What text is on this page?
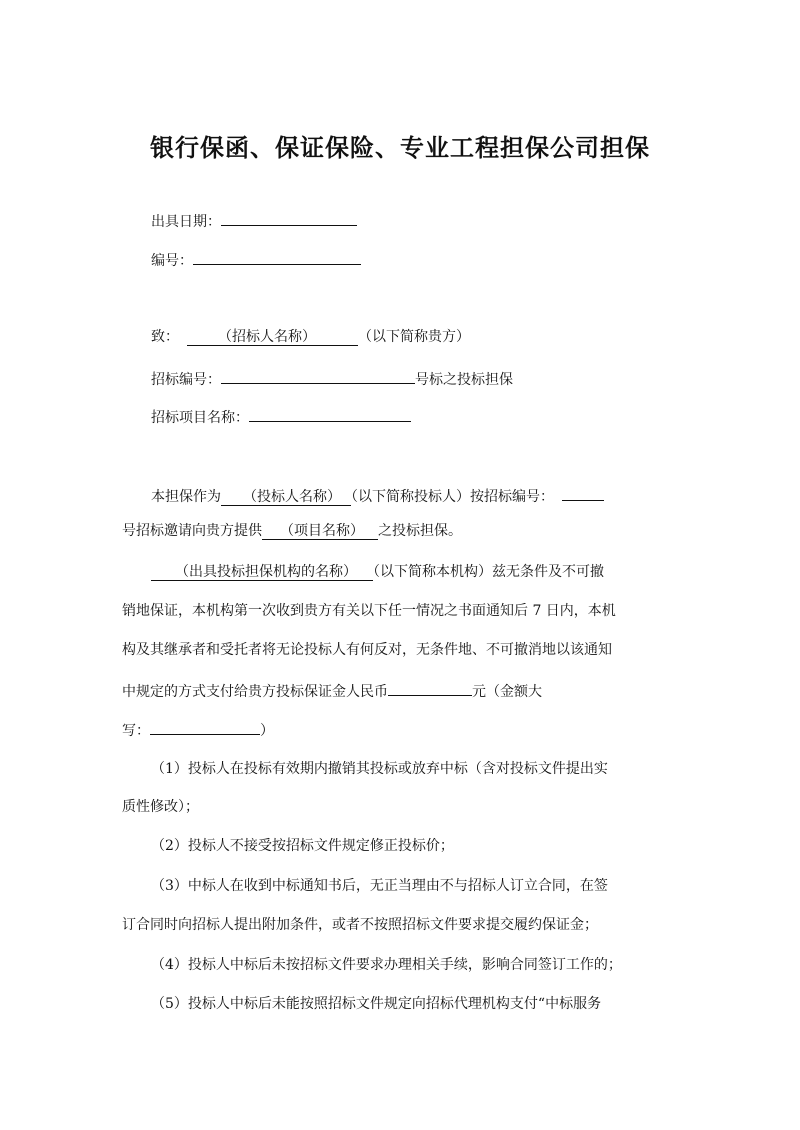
银行保函、保证保险、专业工程担保公司担保
出具日期：
编号：
致：	（招标人名称）	（以下简称贵方）
招标编号：	号标之投标担保
招标项目名称：
本担保作为 （投标人名称） （以下简称投标人）按招标编号：
号招标邀请向贵方提供 （项目名称） 之投标担保。
（出具投标担保机构的名称） （以下简称本机构）兹无条件及不可撤
销地保证，本机构第一次收到贵方有关以下任一情况之书面通知后 7 日内，本机
构及其继承者和受托者将无论投标人有何反对，无条件地、不可撤消地以该通知
中规定的方式支付给贵方投标保证金人民币	元（金额大
写：	）
（1）投标人在投标有效期内撤销其投标或放弃中标（含对投标文件提出实
质性修改）；
（2）投标人不接受按招标文件规定修正投标价；
（3）中标人在收到中标通知书后，无正当理由不与招标人订立合同，在签
订合同时向招标人提出附加条件，或者不按照招标文件要求提交履约保证金；
（4）投标人中标后未按招标文件要求办理相关手续，影响合同签订工作的；
（5）投标人中标后未能按照招标文件规定向招标代理机构支付“中标服务
